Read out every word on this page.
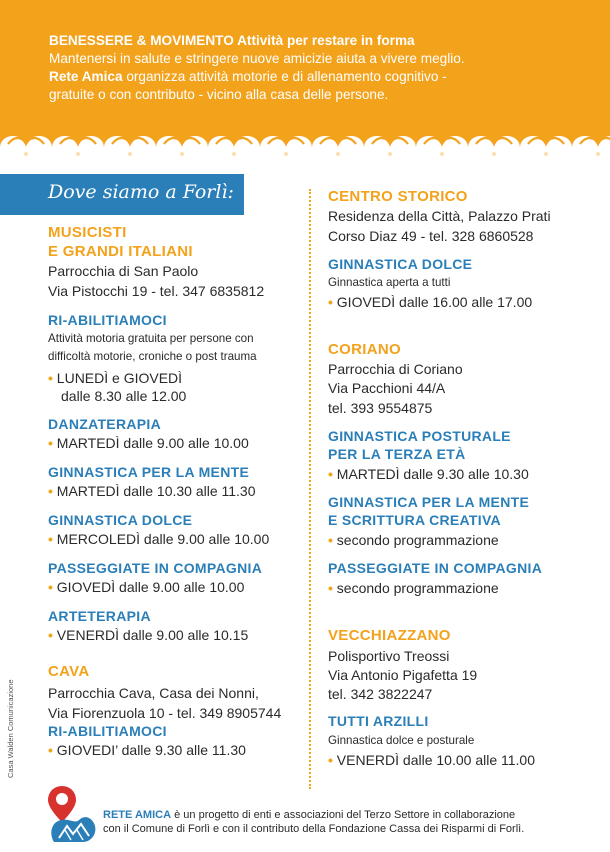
BENESSERE & MOVIMENTO Attività per restare in forma
Mantenersi in salute e stringere nuove amicizie aiuta a vivere meglio.
Rete Amica organizza attività motorie e di allenamento cognitivo -
gratuite o con contributo - vicino alla casa delle persone.
Dove siamo a Forlì:
MUSICISTI
E GRANDI ITALIANI
Parrocchia di San Paolo
Via Pistocchi 19 - tel. 347 6835812
RI-ABILITIAMOCI
Attività motoria gratuita per persone con
difficoltà motorie, croniche o post trauma
• LUNEDÌ e GIOVEDÌ
dalle 8.30 alle 12.00
DANZATERAPIA
• MARTEDÌ dalle 9.00 alle 10.00
GINNASTICA PER LA MENTE
• MARTEDÌ dalle 10.30 alle 11.30
GINNASTICA DOLCE
• MERCOLEDÌ dalle 9.00 alle 10.00
PASSEGGIATE IN COMPAGNIA
• GIOVEDÌ dalle 9.00 alle 10.00
ARTETERAPIA
• VENERDÌ dalle 9.00 alle 10.15
CAVA
Parrocchia Cava, Casa dei Nonni,
Via Fiorenzuola 10 - tel. 349 8905744
RI-ABILITIAMOCI
• GIOVEDI’ dalle 9.30 alle 11.30
CENTRO STORICO
Residenza della Città, Palazzo Prati
Corso Diaz 49 - tel. 328 6860528
GINNASTICA DOLCE
Ginnastica aperta a tutti
• GIOVEDÌ dalle 16.00 alle 17.00
CORIANO
Parrocchia di Coriano
Via Pacchioni 44/A
tel. 393 9554875
GINNASTICA POSTURALE
PER LA TERZA ETÀ
• MARTEDÌ dalle 9.30 alle 10.30
GINNASTICA PER LA MENTE
E SCRITTURA CREATIVA
• secondo programmazione
PASSEGGIATE IN COMPAGNIA
• secondo programmazione
VECCHIAZZANO
Polisportivo Treossi
Via Antonio Pigafetta 19
tel. 342 3822247
TUTTI ARZILLI
Ginnastica dolce e posturale
• VENERDÌ dalle 10.00 alle 11.00
Casa Walden Comunicazione
RETE AMICA è un progetto di enti e associazioni del Terzo Settore in collaborazione
con il Comune di Forlì e con il contributo della Fondazione Cassa dei Risparmi di Forlì.
